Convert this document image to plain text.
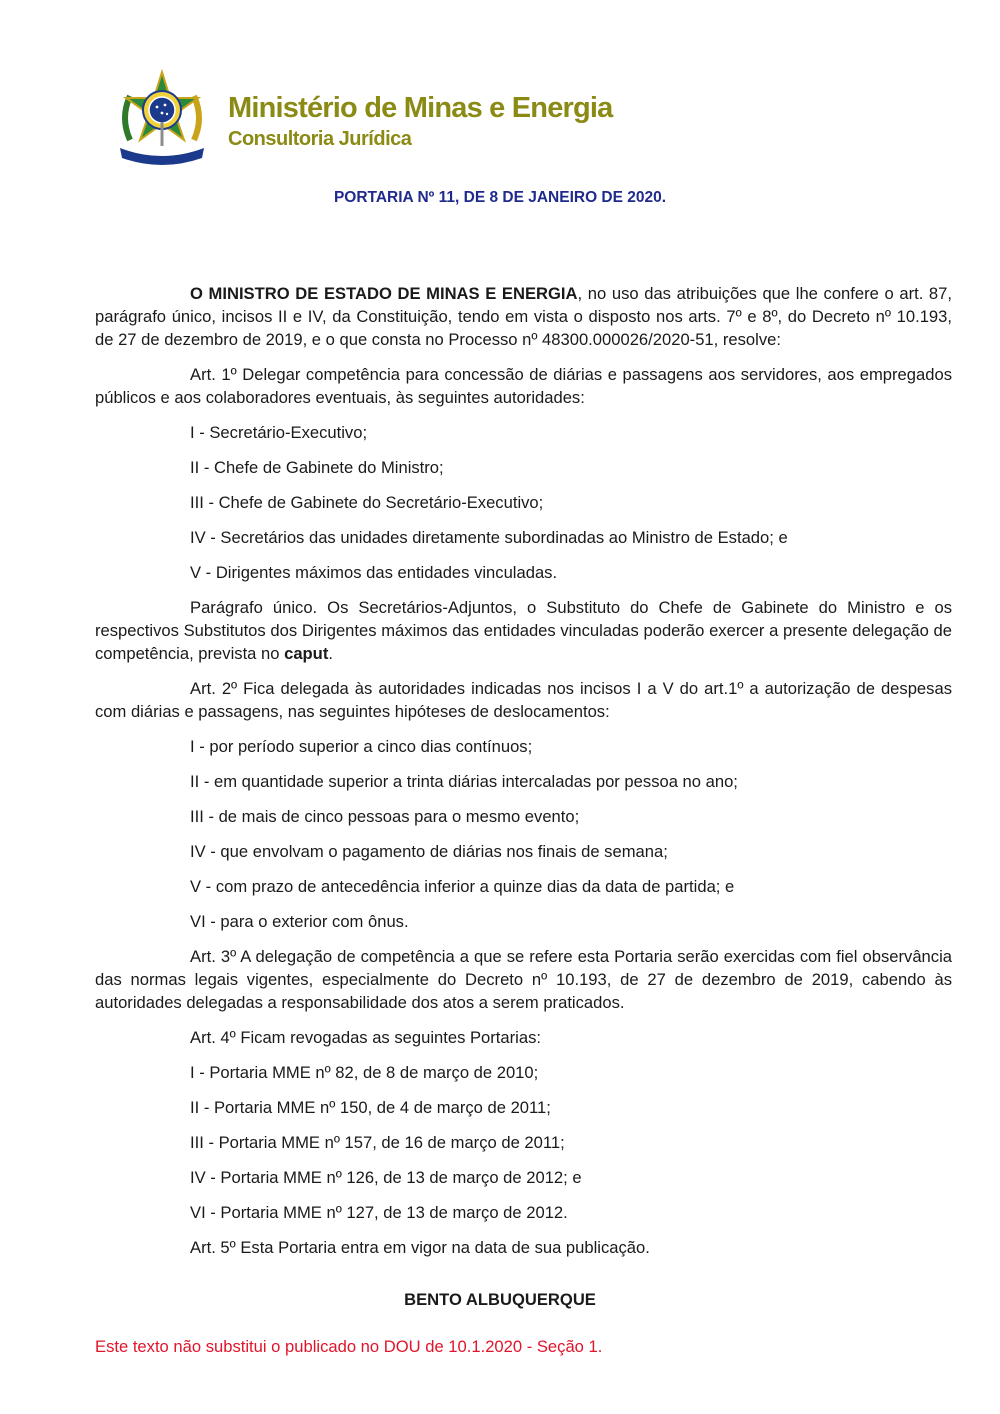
Ministério de Minas e Energia
Consultoria Jurídica
PORTARIA Nº 11, DE 8 DE JANEIRO DE 2020.

O MINISTRO DE ESTADO DE MINAS E ENERGIA, no uso das atribuições que lhe confere o art. 87, parágrafo único, incisos II e IV, da Constituição, tendo em vista o disposto nos arts. 7º e 8º, do Decreto nº 10.193, de 27 de dezembro de 2019, e o que consta no Processo nº 48300.000026/2020-51, resolve:

Art. 1º Delegar competência para concessão de diárias e passagens aos servidores, aos empregados públicos e aos colaboradores eventuais, às seguintes autoridades:

I - Secretário-Executivo;
II - Chefe de Gabinete do Ministro;
III - Chefe de Gabinete do Secretário-Executivo;
IV - Secretários das unidades diretamente subordinadas ao Ministro de Estado; e
V - Dirigentes máximos das entidades vinculadas.

Parágrafo único. Os Secretários-Adjuntos, o Substituto do Chefe de Gabinete do Ministro e os respectivos Substitutos dos Dirigentes máximos das entidades vinculadas poderão exercer a presente delegação de competência, prevista no caput.

Art. 2º Fica delegada às autoridades indicadas nos incisos I a V do art.1º a autorização de despesas com diárias e passagens, nas seguintes hipóteses de deslocamentos:

I - por período superior a cinco dias contínuos;
II - em quantidade superior a trinta diárias intercaladas por pessoa no ano;
III - de mais de cinco pessoas para o mesmo evento;
IV - que envolvam o pagamento de diárias nos finais de semana;
V - com prazo de antecedência inferior a quinze dias da data de partida; e
VI - para o exterior com ônus.

Art. 3º A delegação de competência a que se refere esta Portaria serão exercidas com fiel observância das normas legais vigentes, especialmente do Decreto nº 10.193, de 27 de dezembro de 2019, cabendo às autoridades delegadas a responsabilidade dos atos a serem praticados.

Art. 4º Ficam revogadas as seguintes Portarias:

I - Portaria MME nº 82, de 8 de março de 2010;
II - Portaria MME nº 150, de 4 de março de 2011;
III - Portaria MME nº 157, de 16 de março de 2011;
IV - Portaria MME nº 126, de 13 de março de 2012; e
VI - Portaria MME nº 127, de 13 de março de 2012.

Art. 5º Esta Portaria entra em vigor na data de sua publicação.

BENTO ALBUQUERQUE
Este texto não substitui o publicado no DOU de 10.1.2020 - Seção 1.
